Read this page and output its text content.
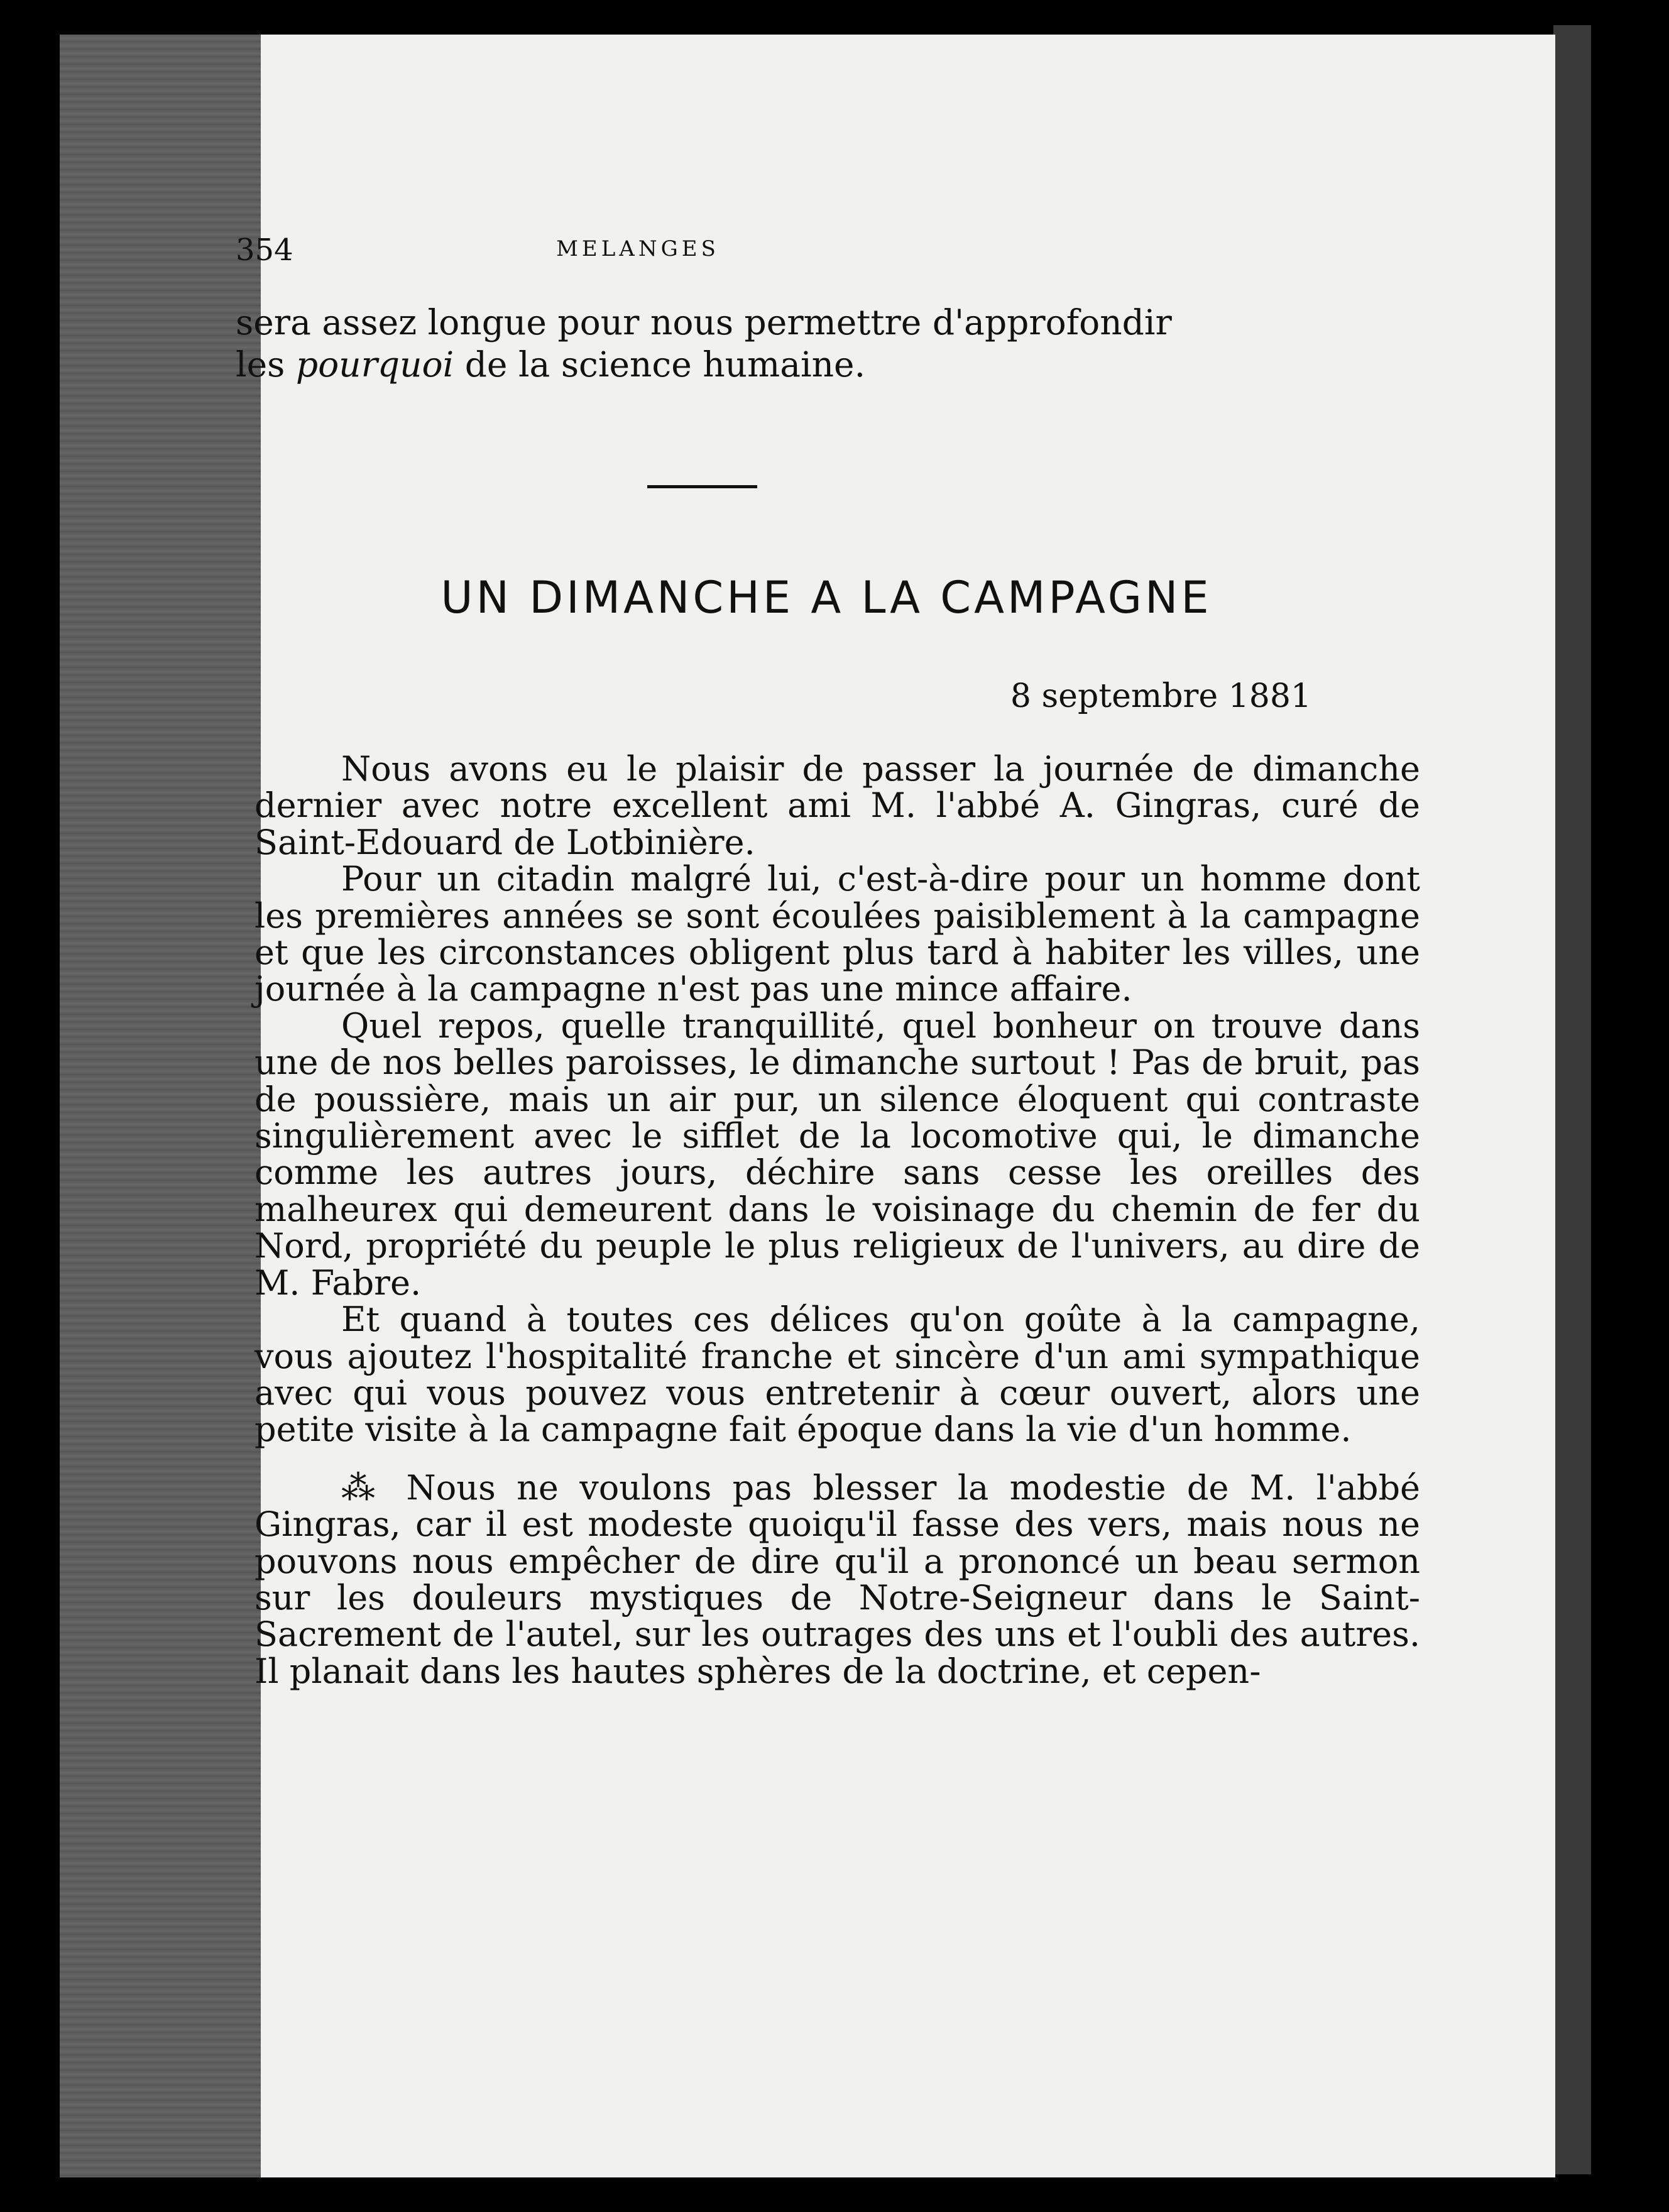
354	MELANGES

sera assez longue pour nous permettre d'approfondir

les pourquoi de la science humaine.

UN DIMANCHE A LA CAMPAGNE
8 septembre 1881

Nous avons eu le plaisir de passer la journée de dimanche dernier avec notre excellent ami M. l'abbé A. Gingras, curé de Saint-Edouard de Lotbinière.

Pour un citadin malgré lui, c'est-à-dire pour un homme dont les premières années se sont écoulées paisiblement à la campagne et que les circonstances obligent plus tard à habiter les villes, une journée à la campagne n'est pas une mince affaire.

Quel repos, quelle tranquillité, quel bonheur on trouve dans une de nos belles paroisses, le dimanche surtout ! Pas de bruit, pas de poussière, mais un air pur, un silence éloquent qui contraste singulièrement avec le sifflet de la locomotive qui, le dimanche comme les autres jours, déchire sans cesse les oreilles des malheurex qui demeurent dans le voisinage du chemin de fer du Nord, propriété du peuple le plus religieux de l'univers, au dire de M. Fabre.

Et quand à toutes ces délices qu'on goûte à la campagne, vous ajoutez l'hospitalité franche et sincère d'un ami sympathique avec qui vous pouvez vous entretenir à cœur ouvert, alors une petite visite à la campagne fait époque dans la vie d'un homme.

⁂ Nous ne voulons pas blesser la modestie de M. l'abbé Gingras, car il est modeste quoiqu'il fasse des vers, mais nous ne pouvons nous empêcher de dire qu'il a prononcé un beau sermon sur les douleurs mystiques de Notre-Seigneur dans le Saint-Sacrement de l'autel, sur les outrages des uns et l'oubli des autres. Il planait dans les hautes sphères de la doctrine, et cepen-
